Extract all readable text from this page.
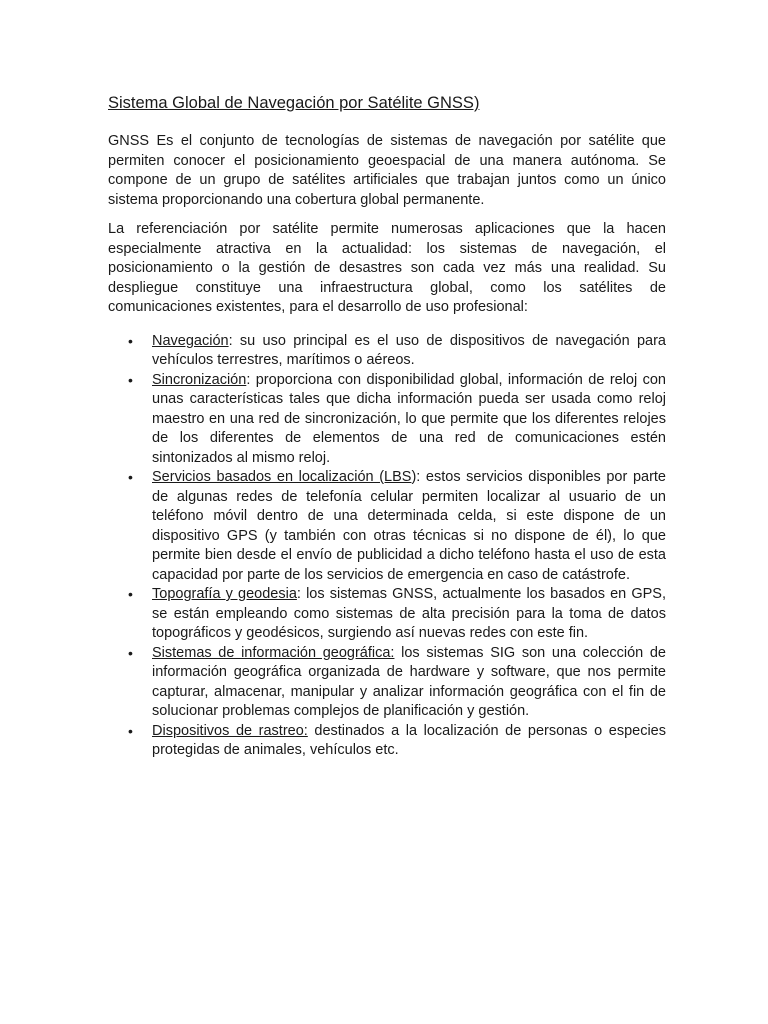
Sistema Global de Navegación por Satélite GNSS)

GNSS Es el conjunto de tecnologías de sistemas de navegación por satélite que permiten conocer el posicionamiento geoespacial de una manera autónoma. Se compone de un grupo de satélites artificiales que trabajan juntos como un único sistema proporcionando una cobertura global permanente.

La referenciación por satélite permite numerosas aplicaciones que la hacen especialmente atractiva en la actualidad: los sistemas de navegación, el posicionamiento o la gestión de desastres son cada vez más una realidad. Su despliegue constituye una infraestructura global, como los satélites de comunicaciones existentes, para el desarrollo de uso profesional:

• Navegación: su uso principal es el uso de dispositivos de navegación para vehículos terrestres, marítimos o aéreos.
• Sincronización: proporciona con disponibilidad global, información de reloj con unas características tales que dicha información pueda ser usada como reloj maestro en una red de sincronización, lo que permite que los diferentes relojes de los diferentes de elementos de una red de comunicaciones estén sintonizados al mismo reloj.
• Servicios basados en localización (LBS): estos servicios disponibles por parte de algunas redes de telefonía celular permiten localizar al usuario de un teléfono móvil dentro de una determinada celda, si este dispone de un dispositivo GPS (y también con otras técnicas si no dispone de él), lo que permite bien desde el envío de publicidad a dicho teléfono hasta el uso de esta capacidad por parte de los servicios de emergencia en caso de catástrofe.
• Topografía y geodesia: los sistemas GNSS, actualmente los basados en GPS, se están empleando como sistemas de alta precisión para la toma de datos topográficos y geodésicos, surgiendo así nuevas redes con este fin.
• Sistemas de información geográfica: los sistemas SIG son una colección de información geográfica organizada de hardware y software, que nos permite capturar, almacenar, manipular y analizar información geográfica con el fin de solucionar problemas complejos de planificación y gestión.
• Dispositivos de rastreo: destinados a la localización de personas o especies protegidas de animales, vehículos etc.
